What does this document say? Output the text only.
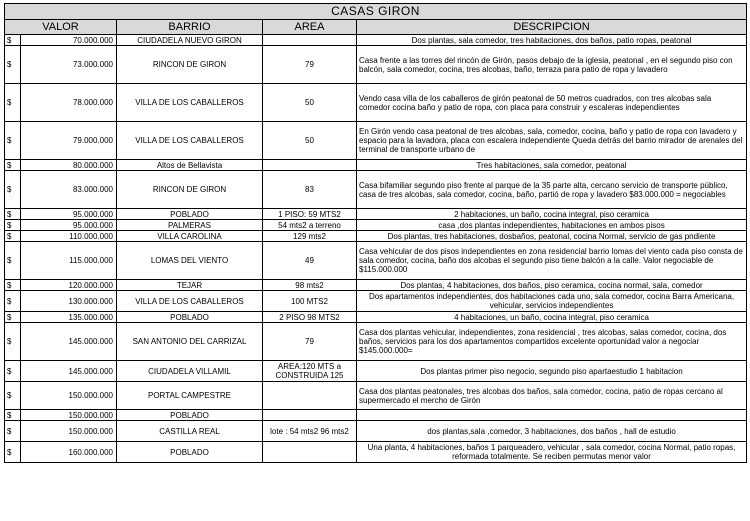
CASAS GIRON				
VALOR		BARRIO	AREA	DESCRIPCION
$	70.000.000	CIUDADELA NUEVO GIRON		Dos plantas, sala comedor, tres habitaciones, dos baños, patio ropas, peatonal
$	73.000.000	RINCON DE GIRON	79	Casa frente a las torres del rincón de Girón, pasos debajo de la iglesia, peatonal , en el segundo piso con balcón, sala comedor, cocina, tres alcobas, baño, terraza para patio de ropa y lavadero
$	78.000.000	VILLA DE LOS CABALLEROS	50	Vendo casa villa de los caballeros de girón peatonal de 50 metros cuadrados, con tres alcobas sala comedor cocina baño y patio de ropa, con placa para construir y escaleras independientes
$	79.000.000	VILLA DE LOS CABALLEROS	50	En Girón vendo casa peatonal de tres alcobas, sala, comedor, cocina, baño y patio de ropa con lavadero y espacio para la lavadora, placa con escalera independiente Queda detrás del barrio mirador de arenales del terminal de transporte urbano de
$	80.000.000	Altos de Bellavista		Tres habitaciones, sala comedor, peatonal
$	83.000.000	RINCON DE GIRON	83	Casa bifamiliar segundo piso frente al parque de la 35 parte alta, cercano servicio de transporte público, casa de tres alcobas, sala comedor, cocina, baño, partió de ropa y lavadero $83.000.000 = negociables
$	95.000.000	POBLADO	1 PISO: 59 MTS2	2 habitaciones, un baño, cocina integral, piso ceramica
$	95.000.000	PALMERAS	54 mts2 a terreno	casa ,dos plantas independientes, habitaciones en ambos pisos
$	110.000.000	VILLA CAROLINA	129 mts2	Dos plantas, tres habitaciones, dosbaños, peatonal, cocina Normal, servicio de gas pndiente
$	115.000.000	LOMAS DEL VIENTO	49	Casa vehicular de dos pisos independientes en zona residencial barrio lomas del viento cada piso consta de sala comedor, cocina, baño dos alcobas el segundo piso tiene balcón a la calle. Valor negociable de $115.000.000
$	120.000.000	TEJAR	98 mts2	Dos plantas, 4 habitaciones, dos baños, piso ceramica, cocina normal, sala, comedor
$	130.000.000	VILLA DE LOS CABALLEROS	100 MTS2	Dos apartamentos independientes, dos habitaciones cada uno, sala comedor, cocina Barra Americana, vehicular, servicios independientes
$	135.000.000	POBLADO	2 PISO 98 MTS2	4 habitaciones, un baño, cocina integral, piso ceramica
$	145.000.000	SAN ANTONIO DEL CARRIZAL	79	Casa dos plantas vehicular, independientes, zona residencial , tres alcobas, salas comedor, cocina, dos baños, servicios para los dos apartamentos compartidos excelente oportunidad valor a negociar $145.000.000=
$	145.000.000	CIUDADELA VILLAMIL	AREA:120 MTS a CONSTRUIDA 125	Dos plantas primer piso negocio, segundo piso apartaestudio 1 habitacion
$	150.000.000	PORTAL CAMPESTRE		Casa dos plantas peatonales, tres alcobas dos baños, sala comedor, cocina, patio de ropas cercano al supermercado el mercho de Girón
$	150.000.000	POBLADO		
$	150.000.000	CASTILLA REAL	lote : 54 mts2 96 mts2	dos plantas,sala ,comedor, 3 habitaciones, dos baños , hall de estudio
$	160.000.000	POBLADO		Una planta, 4 habitaciones, baños 1 parqueadero, vehicular , sala comedor, cocina Normal, patio ropas, reformada totalmente. Se reciben permutas menor valor
